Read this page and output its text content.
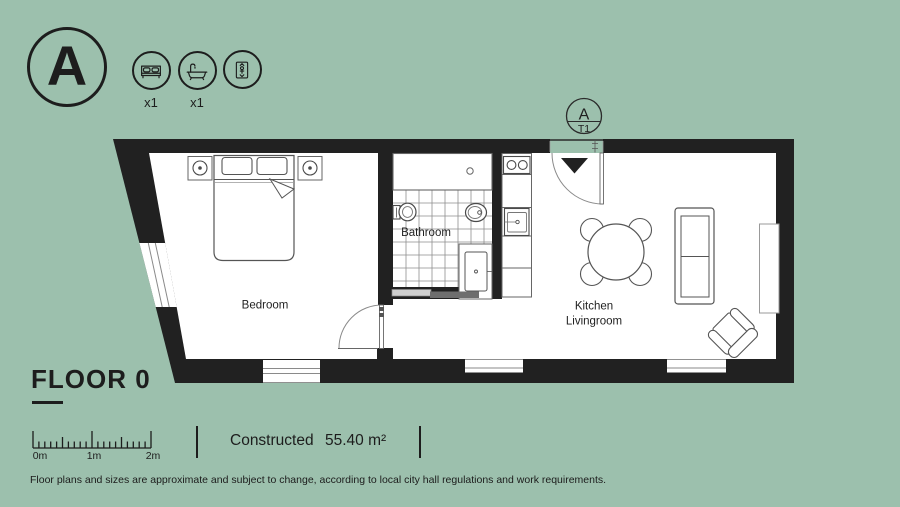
A
x1	x1
A
T1
Bedroom
Bathroom
Kitchen
Livingroom
FLOOR 0
0m	1m	2m
Constructed 55.40 m²
Floor plans and sizes are approximate and subject to change, according to local city hall regulations and work requirements.
